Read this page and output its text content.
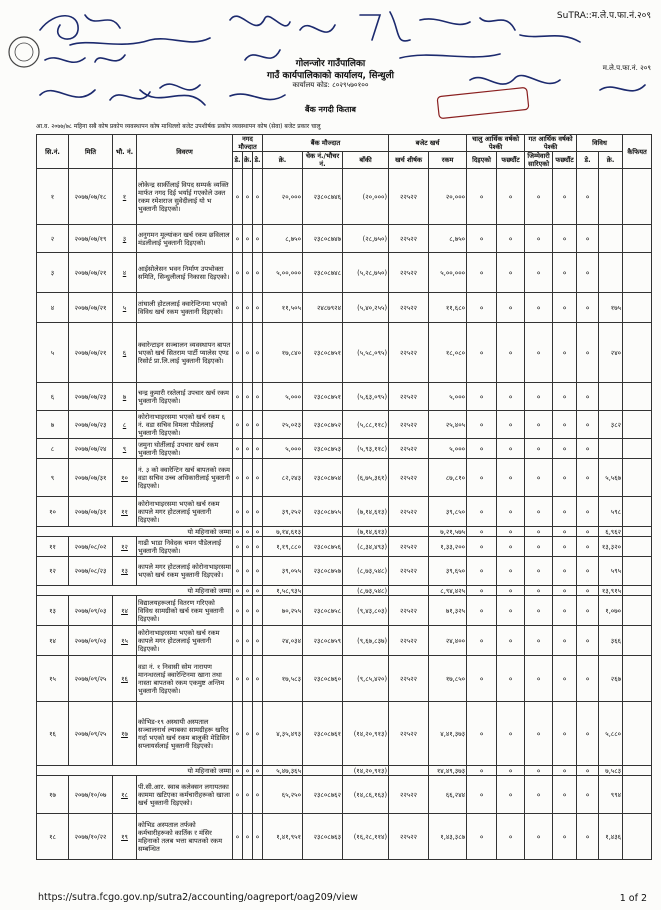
SuTRA::म.ले.प.फा.नं.२०९
म.ले.प.फा.नं. २०९
गोलन्जोर गाउँपालिका
गाउँ कार्यपालिकाको कार्यालय, सिन्धुली
कार्यालय कोड: ८०२९५७०१००
बैंक नगदी किताब
आ.व. २०७७/७८ महिना सबै कोष प्रकोप व्यवस्थापन कोष माथिल्लो बजेट उपशीर्षक प्रकोप व्यवस्थापन कोष (सेवा) बजेट प्रकार चालु
सि.नं.	मिति	भौ. नं.	विवरण	नगद मौज्दात			बैंक मौज्दात			बजेट खर्च		चालु आर्थिक वर्षको पेश्की		गत आर्थिक वर्षको पेश्की		विविध		कैफियत
				डे.	क्रे.	डे.	क्रे.	चेक नं./भौचर नं.	बाँकी	खर्च शीर्षक	रकम	दिइएको	फर्छ्यौट	जिम्मेवारी सारिएको	फर्छ्यौट	डे.	क्रे.	
१	२०७७/०७/१८	१	लोकेन्द्र सार्कीलाई विपद सम्पर्क व्यक्ति मार्फत नगद दिई भर्याई गएकोले उक्त रकम रमेशराज सुवेदीलाई यो भ भुक्तानी दिइएको।	०	०	०	२०,०००	२३८०८७४६	(२०,०००)	२२५२२	२०,०००	०	०	०	०	०		
२	२०७७/०७/१९	३	अनुगमन मूल्यांकन खर्च रकम छविलाल मंडलीलाई भुक्तानी दिइएको।	०	०	०	८,७५०	२३८०८७४७	(२८,७५०)	२२५२२	८,७५०	०	०	०	०	०		
३	२०७७/०७/२१	४	आईसोलेसन भवन निर्माण उपभोक्ता समिति, सिन्धुलीलाई निकासा दिइएको।	०	०	०	५,००,०००	२३८०८७४८	(५,२८,७५०)	२२५२२	५,००,०००	०	०	०	०	०		
४	२०७७/०७/२१	५	तांघाली होटललाई क्वारेन्टिनमा भएको विविध खर्च रकम भुक्तानी दिइएको।	०	०	०	११,५०५	२४८७९२४	(५,४०,२५५)	२२५२२	११,६८०	०	०	०	०	०	१७५	
५	२०७७/०७/२१	६	क्वारेन्टाइन सञ्चालन व्यवस्थापन बापत भएको खर्च सितराम पार्टी प्यालेस एण्ड रिसोर्ट प्रा.लि.लाई भुक्तानी दिइएको।	०	०	०	१७,८४०	२३८०८७५१	(५,५८,०९५)	२२५२२	१८,०८०	०	०	०	०	०	२४०	
६	२०७७/०७/२३	७	चन्द्र कुमारी रस्तेलाई उपचार खर्च रकम भुक्तानी दिइएको।	०	०	०	५,०००	२३८०८७५१	(५,६३,०९५)	२२५२२	५,०००	०	०	०	०	०		
७	२०७७/०७/२३	८	कोरोनाभाइरसमा भएको खर्च रकम ६ नं. वडा सचिव विमला पौडेललाई भुक्तानी दिइएको।	०	०	०	२५,०२३	२३८०८७५२	(५,८८,११८)	२२५२२	२५,४०५	०	०	०	०	०	३८२	
८	२०७७/०७/२४	९	जमुना घोर्तीलाई उपचार खर्च रकम भुक्तानी दिइएको।	०	०	०	५,०००	२३८०८७५३	(५,९३,११८)	२२५२२	५,०००	०	०	०	०	०		
९	२०७७/०७/३१	१०	नं. ३ को क्वारेन्टिन खर्च बापतको रकम वडा सचिव उच्च अधिकारीलाई भुक्तानी दिइएको।	०	०	०	८२,२४३	२३८०८७५४	(६,७५,३६१)	२२५२२	८७,८१०	०	०	०	०	०	५,५६७	
१०	२०७७/०७/३१	११	कोरोनाभाइरसमा भएको खर्च रकम कापले मगर होटललाई भुक्तानी दिइएको।	०	०	०	३९,२५२	२३८०८७५५	(७,१४,६१३)	२२५२२	३९,८५०	०	०	०	०	०	५९८	
यो महिनाको जम्मा				०	०	०	७,१४,६१३		(७,१४,६१३)		७,२१,५७५	०	०	०	०	०	६,९६२	
११	२०७७/०८/०२	१२	गाढी भाडा निवेदक चमन पौडेललाई भुक्तानी दिइएको।	०	०	०	१,१९,८८०	२३८०८७५६	(८,३४,४९३)	२२५२२	१,३३,२००	०	०	०	०	०	१३,३२०	
१२	२०७७/०८/२३	१३	कापले मगर होटललाई कोरोनाभाइरसमा भएको खर्च रकम भुक्तानी दिइएको।	०	०	०	३९,०५५	२३८०८७५७	(८,७३,५४८)	२२५२२	३९,६५०	०	०	०	०	०	५९५	
यो महिनाको जम्मा				०	०	०	१,५८,९३५		(८,७३,५४८)		८,९४,४२५	०	०	०	०	०	१३,९१५	
१३	२०७७/०९/०३	१४	विद्यालयहरूलाई वितरण गरिएको विविध सामग्रीको खर्च रकम भुक्तानी दिइएको।	०	०	०	७०,२५५	२३८०८७५८	(९,४३,८०३)	२२५२२	७१,३२५	०	०	०	०	०	१,०७०	
१४	२०७७/०९/०३	१५	कोरोनाभाइरसमा भएको खर्च रकम कापले मगर होटललाई भुक्तानी दिइएको।	०	०	०	२४,०३४	२३८०८७५९	(९,६७,८३७)	२२५२२	२४,४००	०	०	०	०	०	३६६	
१५	२०७७/०९/२५	१६	वडा नं. १ निवासी सोम नारायण मानन्धरलाई क्वारेन्टिनमा खाना तथा नास्ता बापतको रकम एकमुष्ट अन्तिम भुक्तानी दिइएको।	०	०	०	१७,५८३	२३८०८७६०	(९,८५,४२०)	२२५२२	१७,८५०	०	०	०	०	०	२६७	
१६	२०७७/०९/२५	१७	कोभिड-१९ अस्थायी अस्पताल सञ्चालनार्थ ल्याबका सामग्रीहरू खरिद गर्दा भएको खर्च रकम बालुकी मेडिसिन सप्लायर्सलाई भुक्तानी दिइएको।	०	०	०	४,३५,४९३	२३८०८७६१	(१४,२०,९१३)	२२५२२	४,४१,३७३	०	०	०	०	०	५,८८०	
यो महिनाको जम्मा				०	०	०	५,४७,३६५		(१४,२०,९१३)		१४,४९,३७३	०	०	०	०	०	७,५८३	
१७	२०७७/१०/०७	१८	पी.सी.आर. स्वाब कलेक्सन लगायतका काममा खटिएका कर्मचारीहरूको खाजा खर्च भुक्तानी दिइएको।	०	०	०	६५,२५०	२३८०८७६२	(१४,८६,१६३)	२२५२२	६६,२४४	०	०	०	०	०	९९४	
१८	२०७७/१०/२२	१९	कोभिड अस्पताल तर्फको कर्मचारीहरूको कार्तिक र मंसिर महिनाको तलब भत्ता बापतको रकम सम्बन्धित	०	०	०	१,४१,९५१	२३८०८७६३	(१६,२८,११४)	२२५२२	१,४३,३८७	०	०	०	०	०	१,४३६	
https://sutra.fcgo.gov.np/sutra2/accounting/oagreport/oag209/view	1 of 2
